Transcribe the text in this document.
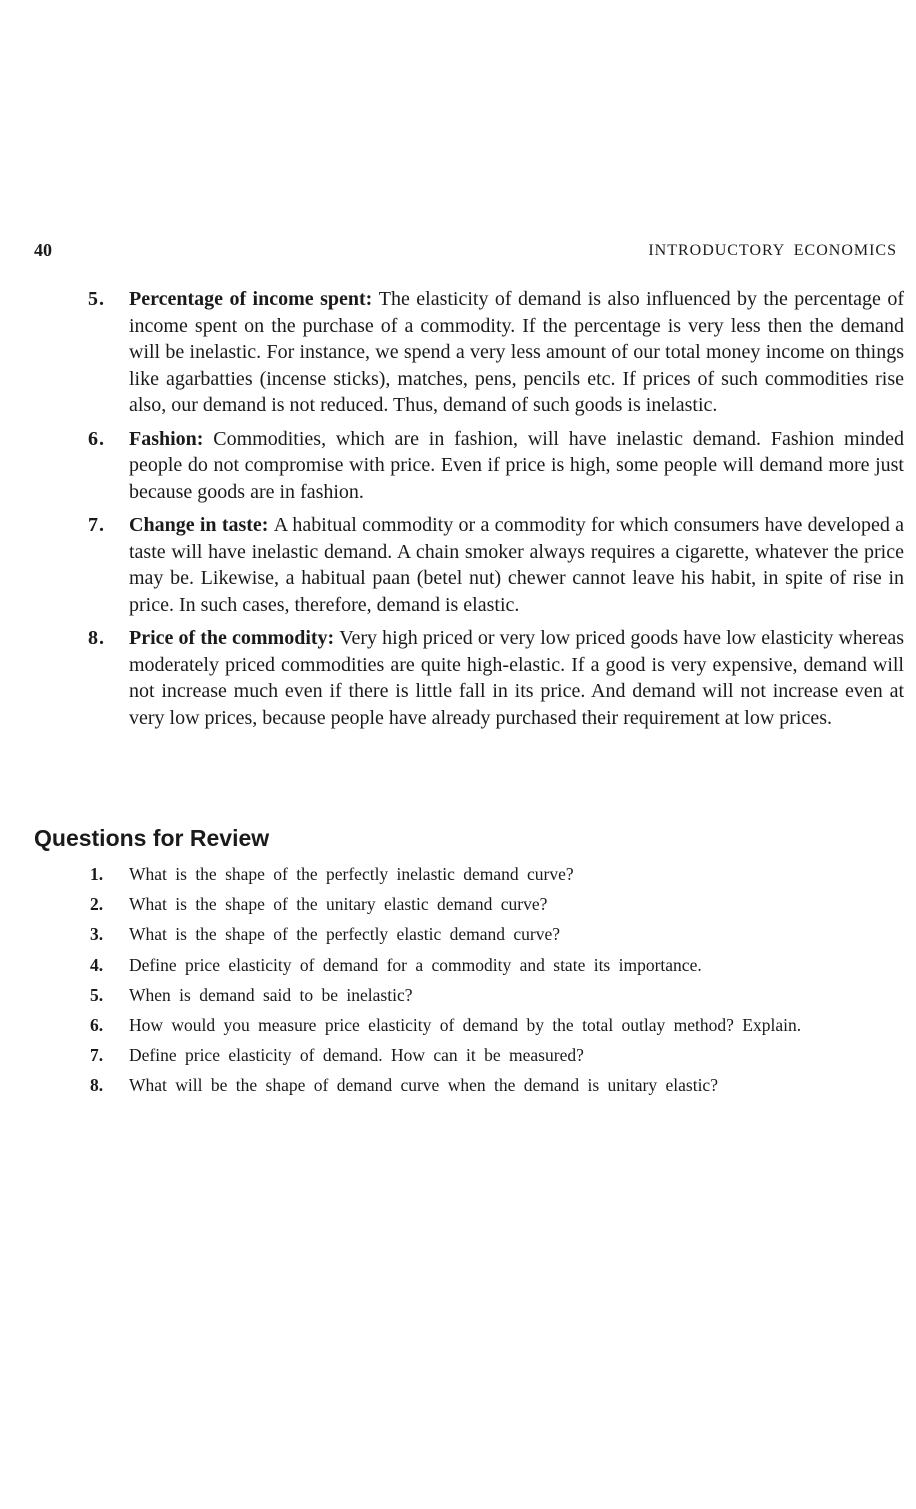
40	INTRODUCTORY ECONOMICS
5. Percentage of income spent: The elasticity of demand is also influenced by the percentage of income spent on the purchase of a commodity. If the percentage is very less then the demand will be inelastic. For instance, we spend a very less amount of our total money income on things like agarbatties (incense sticks), matches, pens, pencils etc. If prices of such commodities rise also, our demand is not reduced. Thus, demand of such goods is inelastic.
6. Fashion: Commodities, which are in fashion, will have inelastic demand. Fashion minded people do not compromise with price. Even if price is high, some people will demand more just because goods are in fashion.
7. Change in taste: A habitual commodity or a commodity for which consumers have developed a taste will have inelastic demand. A chain smoker always requires a cigarette, whatever the price may be. Likewise, a habitual paan (betel nut) chewer cannot leave his habit, in spite of rise in price. In such cases, therefore, demand is elastic.
8. Price of the commodity: Very high priced or very low priced goods have low elasticity whereas moderately priced commodities are quite high-elastic. If a good is very expensive, demand will not increase much even if there is little fall in its price. And demand will not increase even at very low prices, because people have already purchased their requirement at low prices.
Questions for Review
1. What is the shape of the perfectly inelastic demand curve?
2. What is the shape of the unitary elastic demand curve?
3. What is the shape of the perfectly elastic demand curve?
4. Define price elasticity of demand for a commodity and state its importance.
5. When is demand said to be inelastic?
6. How would you measure price elasticity of demand by the total outlay method? Explain.
7. Define price elasticity of demand. How can it be measured?
8. What will be the shape of demand curve when the demand is unitary elastic?
